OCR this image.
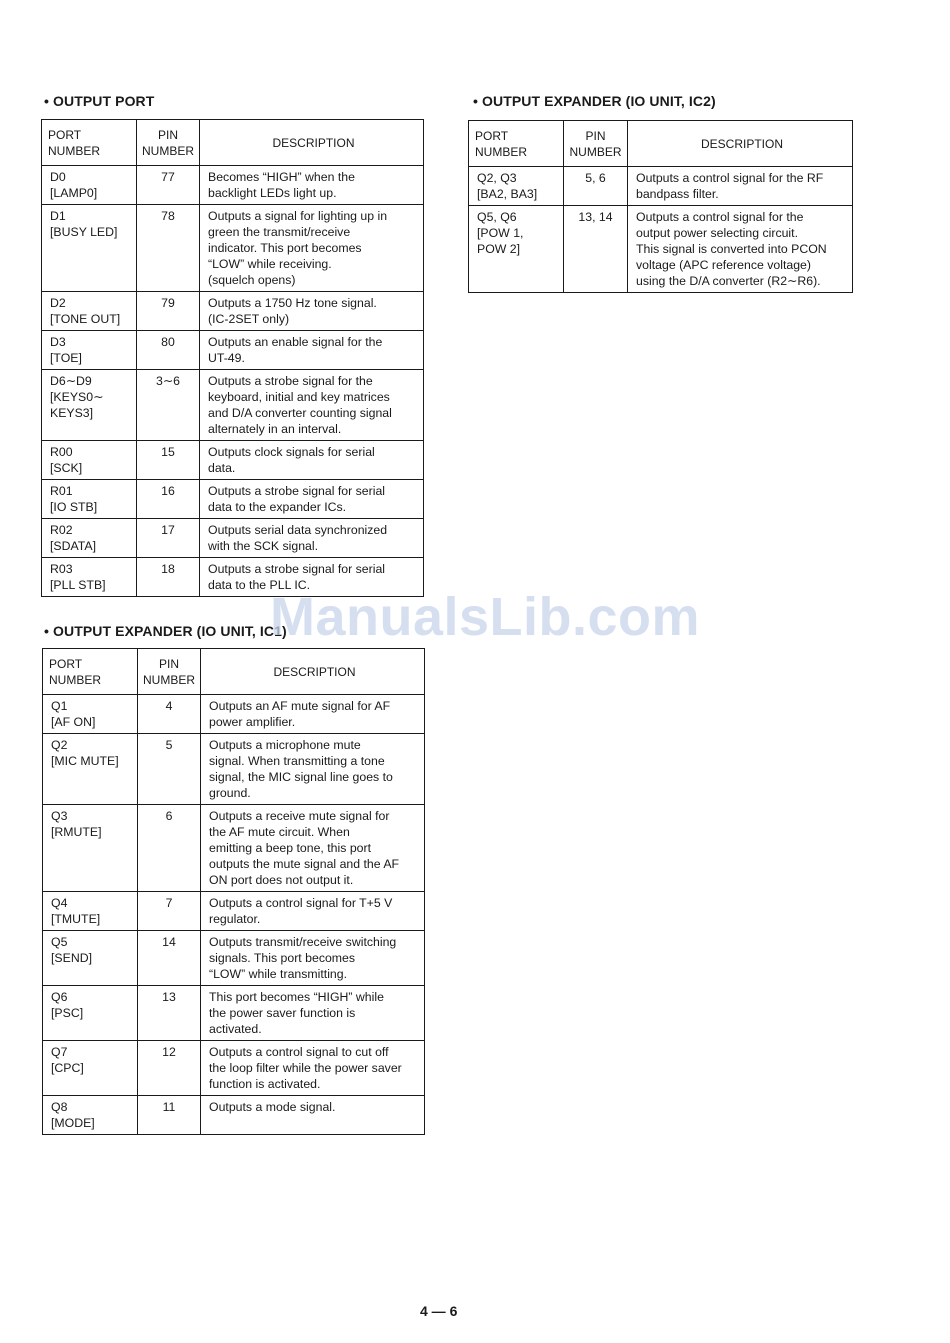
• OUTPUT PORT
PORT NUMBER	PIN
NUMBER	DESCRIPTION
D0
[LAMP0]	77	Becomes “HIGH” when the
backlight LEDs light up.
D1
[BUSY LED]	78	Outputs a signal for lighting up in
green the transmit/receive
indicator. This port becomes
“LOW” while receiving.
(squelch opens)
D2
[TONE OUT]	79	Outputs a 1750 Hz tone signal.
(IC-2SET only)
D3
[TOE]	80	Outputs an enable signal for the
UT-49.
D6∼D9
[KEYS0∼
KEYS3]	3∼6	Outputs a strobe signal for the
keyboard, initial and key matrices
and D/A converter counting signal
alternately in an interval.
R00
[SCK]	15	Outputs clock signals for serial
data.
R01
[IO STB]	16	Outputs a strobe signal for serial
data to the expander ICs.
R02
[SDATA]	17	Outputs serial data synchronized
with the SCK signal.
R03
[PLL STB]	18	Outputs a strobe signal for serial
data to the PLL IC.
• OUTPUT EXPANDER (IO UNIT, IC1)
PORT NUMBER	PIN
NUMBER	DESCRIPTION
Q1
[AF ON]	4	Outputs an AF mute signal for AF
power amplifier.
Q2
[MIC MUTE]	5	Outputs a microphone mute
signal. When transmitting a tone
signal, the MIC signal line goes to
ground.
Q3
[RMUTE]	6	Outputs a receive mute signal for
the AF mute circuit. When
emitting a beep tone, this port
outputs the mute signal and the AF
ON port does not output it.
Q4
[TMUTE]	7	Outputs a control signal for T+5 V
regulator.
Q5
[SEND]	14	Outputs transmit/receive switching
signals. This port becomes
“LOW” while transmitting.
Q6
[PSC]	13	This port becomes “HIGH” while
the power saver function is
activated.
Q7
[CPC]	12	Outputs a control signal to cut off
the loop filter while the power saver
function is activated.
Q8
[MODE]	11	Outputs a mode signal.
• OUTPUT EXPANDER (IO UNIT, IC2)
PORT NUMBER	PIN
NUMBER	DESCRIPTION
Q2, Q3
[BA2, BA3]	5, 6	Outputs a control signal for the RF
bandpass filter.
Q5, Q6
[POW 1,
POW 2]	13, 14	Outputs a control signal for the
output power selecting circuit.
This signal is converted into PCON
voltage (APC reference voltage)
using the D/A converter (R2∼R6).
ManualsLib.com
4 — 6
